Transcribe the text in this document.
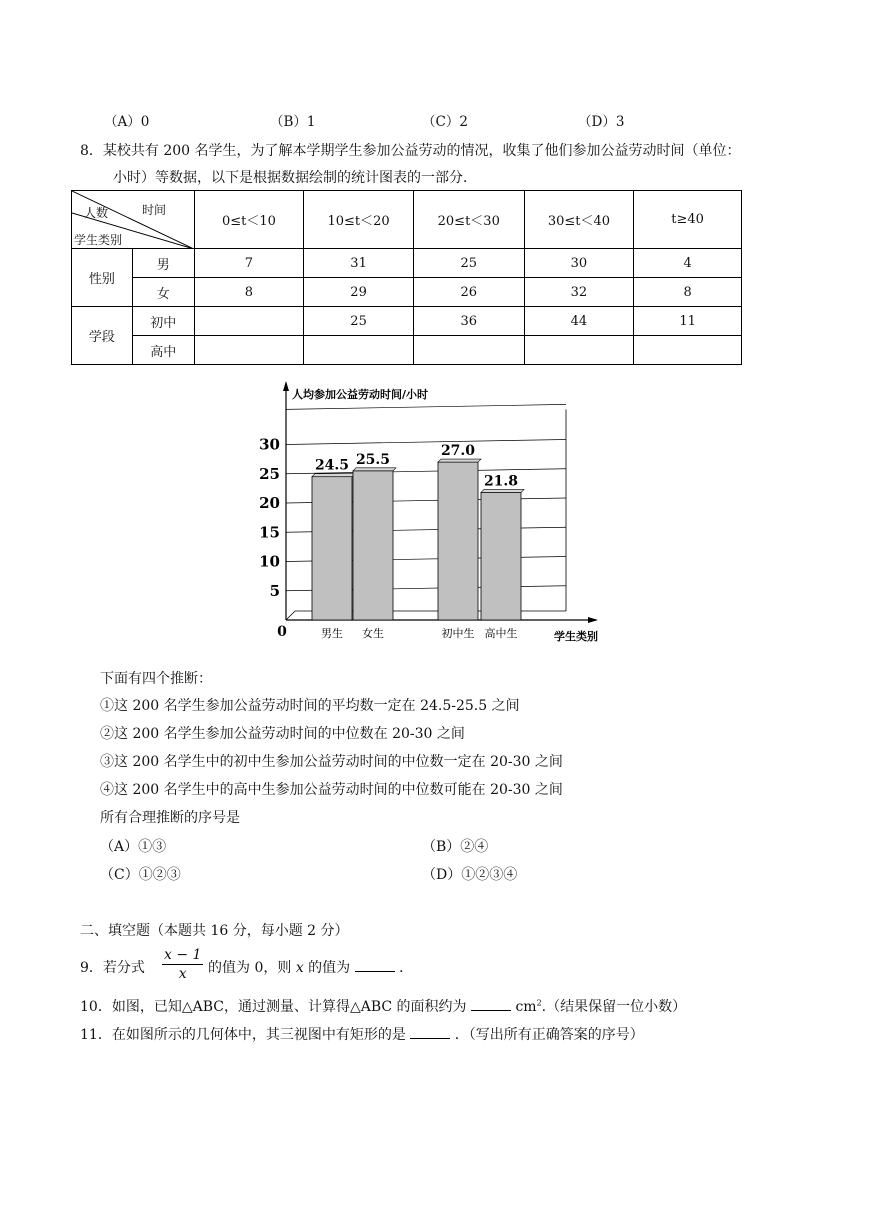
（A）0	（B）1	（C）2	（D）3
8．某校共有 200 名学生，为了解本学期学生参加公益劳动的情况，收集了他们参加公益劳动时间（单位：
小时）等数据，以下是根据数据绘制的统计图表的一部分．
人数 时间
学生类别		0≤t＜10	10≤t＜20	20≤t＜30	30≤t＜40	t≥40
性别	男	7	31	25	30	4
	女	8	29	26	32	8
学段	初中		25	36	44	11
	高中					
5
10
15
20
25
30
0
人均参加公益劳动时间/小时
学生类别
24.5
男生
25.5
女生
27.0
初中生
21.8
高中生
下面有四个推断：
①这 200 名学生参加公益劳动时间的平均数一定在 24.5-25.5 之间
②这 200 名学生参加公益劳动时间的中位数在 20-30 之间
③这 200 名学生中的初中生参加公益劳动时间的中位数一定在 20-30 之间
④这 200 名学生中的高中生参加公益劳动时间的中位数可能在 20-30 之间
所有合理推断的序号是
（A）①③	（B）②④
（C）①②③	（D）①②③④
二、填空题（本题共 16 分，每小题 2 分）
9．若分式 $\frac{x - 1}{x}$ 的值为 0，则 x 的值为	．
10．如图，已知△ABC，通过测量、计算得△ABC 的面积约为	$cm^2$.（结果保留一位小数）
11．在如图所示的几何体中，其三视图中有矩形的是	．（写出所有正确答案的序号）
